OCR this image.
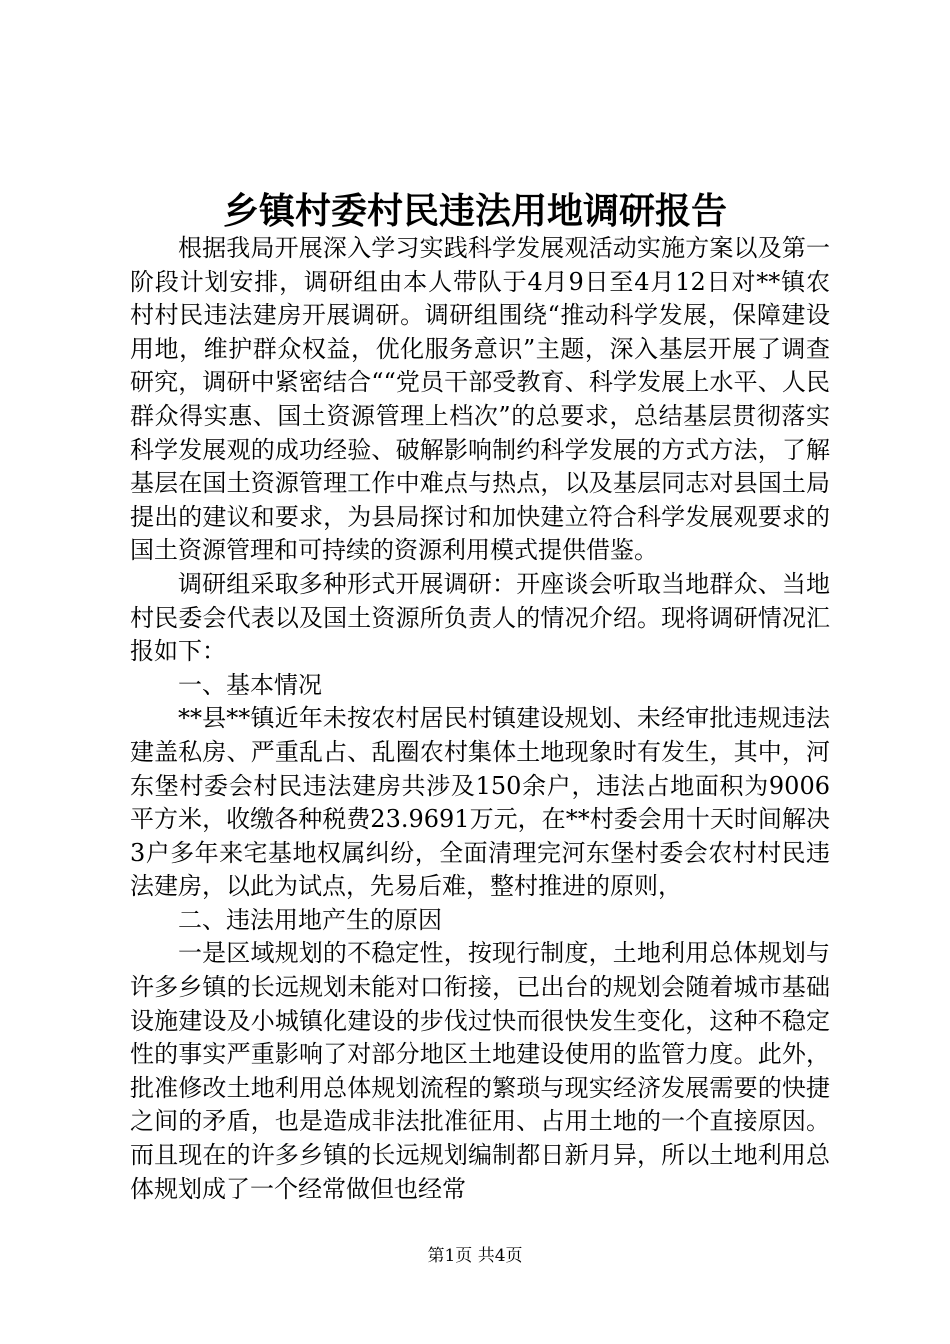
乡镇村委村民违法用地调研报告

根据我局开展深入学习实践科学发展观活动实施方案以及第一阶段计划安排，调研组由本人带队于4月9日至4月12日对**镇农村村民违法建房开展调研。调研组围绕“推动科学发展，保障建设用地，维护群众权益，优化服务意识”主题，深入基层开展了调查研究，调研中紧密结合““党员干部受教育、科学发展上水平、人民群众得实惠、国土资源管理上档次”的总要求，总结基层贯彻落实科学发展观的成功经验、破解影响制约科学发展的方式方法，了解基层在国土资源管理工作中难点与热点，以及基层同志对县国土局提出的建议和要求，为县局探讨和加快建立符合科学发展观要求的国土资源管理和可持续的资源利用模式提供借鉴。

调研组采取多种形式开展调研：开座谈会听取当地群众、当地村民委会代表以及国土资源所负责人的情况介绍。现将调研情况汇报如下：

一、基本情况

**县**镇近年未按农村居民村镇建设规划、未经审批违规违法建盖私房、严重乱占、乱圈农村集体土地现象时有发生，其中，河东堡村委会村民违法建房共涉及150余户，违法占地面积为9006平方米，收缴各种税费23.9691万元，在**村委会用十天时间解决3户多年来宅基地权属纠纷，全面清理完河东堡村委会农村村民违法建房，以此为试点，先易后难，整村推进的原则，

二、违法用地产生的原因

一是区域规划的不稳定性，按现行制度，土地利用总体规划与许多乡镇的长远规划未能对口衔接，已出台的规划会随着城市基础设施建设及小城镇化建设的步伐过快而很快发生变化，这种不稳定性的事实严重影响了对部分地区土地建设使用的监管力度。此外，批准修改土地利用总体规划流程的繁琐与现实经济发展需要的快捷之间的矛盾，也是造成非法批准征用、占用土地的一个直接原因。而且现在的许多乡镇的长远规划编制都日新月异，所以土地利用总体规划成了一个经常做但也经常

第1页 共4页
